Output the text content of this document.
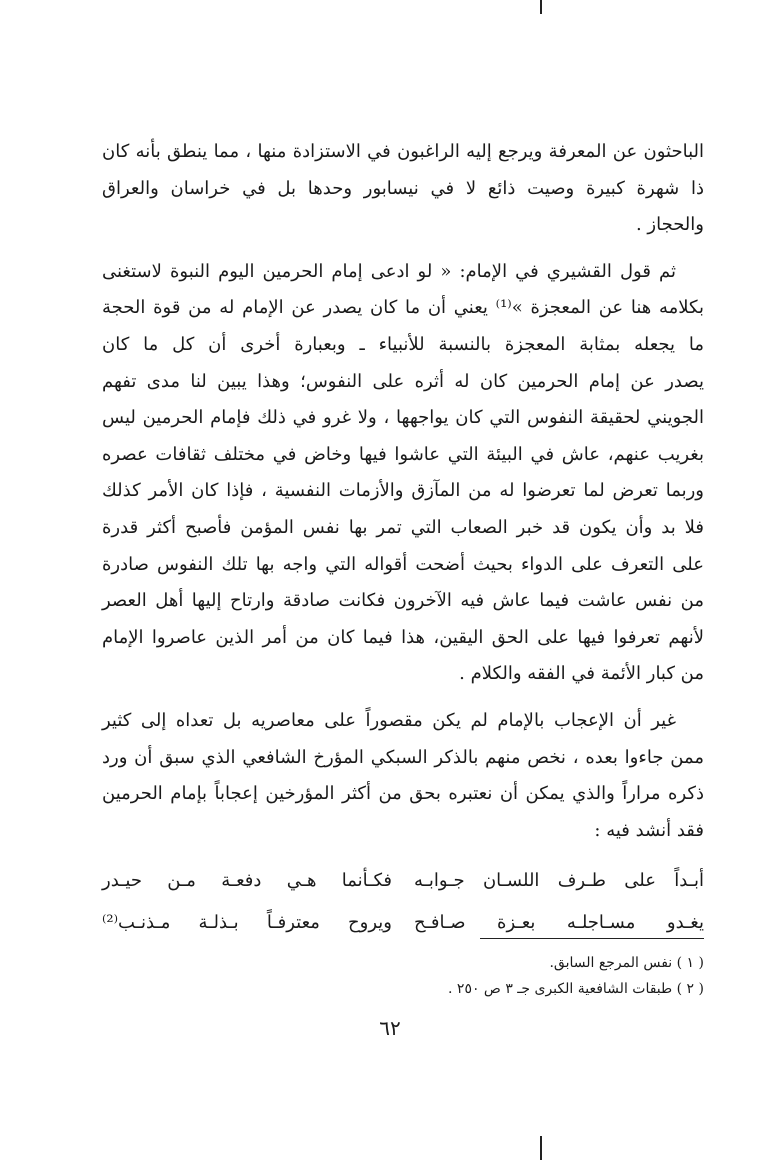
الباحثون عن المعرفة ويرجع إليه الراغبون في الاستزادة منها ، مما ينطق بأنه كان
ذا شهرة كبيرة وصيت ذائع لا في نيسابور وحدها بل في خراسان والعراق
والحجاز .
ثم قول القشيري في الإمام: « لو ادعى إمام الحرمين اليوم النبوة لاستغنى
بكلامه هنا عن المعجزة »⁽¹⁾ يعني أن ما كان يصدر عن الإمام له من قوة الحجة
ما يجعله بمثابة المعجزة بالنسبة للأنبياء ـ وبعبارة أخرى أن كل ما كان
يصدر عن إمام الحرمين كان له أثره على النفوس؛ وهذا يبين لنا مدى تفهم
الجويني لحقيقة النفوس التي كان يواجهها ، ولا غرو في ذلك فإمام الحرمين ليس
بغريب عنهم، عاش في البيئة التي عاشوا فيها وخاض في مختلف ثقافات عصره
وربما تعرض لما تعرضوا له من المآزق والأزمات النفسية ، فإذا كان الأمر كذلك
فلا بد وأن يكون قد خبر الصعاب التي تمر بها نفس المؤمن فأصبح أكثر قدرة
على التعرف على الدواء بحيث أضحت أقواله التي واجه بها تلك النفوس صادرة
من نفس عاشت فيما عاش فيه الآخرون فكانت صادقة وارتاح إليها أهل العصر
لأنهم تعرفوا فيها على الحق اليقين، هذا فيما كان من أمر الذين عاصروا الإمام
من كبار الأئمة في الفقه والكلام .
غير أن الإعجاب بالإمام لم يكن مقصوراً على معاصريه بل تعداه إلى كثير
ممن جاءوا بعده ، نخص منهم بالذكر السبكي المؤرخ الشافعي الذي سبق أن ورد
ذكره مراراً والذي يمكن أن نعتبره بحق من أكثر المؤرخين إعجاباً بإمام الحرمين
فقد أنشد فيه :
أبـداً على طـرف اللسـان جـوابـه
فكـأنما هـي دفعـة مـن حيـدر
يغـدو مسـاجلـه بعـزة صـافـح
ويروح معترفـاً بـذلـة مـذنـب⁽²⁾
( ١ ) نفس المرجع السابق.
( ٢ ) طبقات الشافعية الكبرى جـ ٣ ص ٢٥٠ .
٦٢
